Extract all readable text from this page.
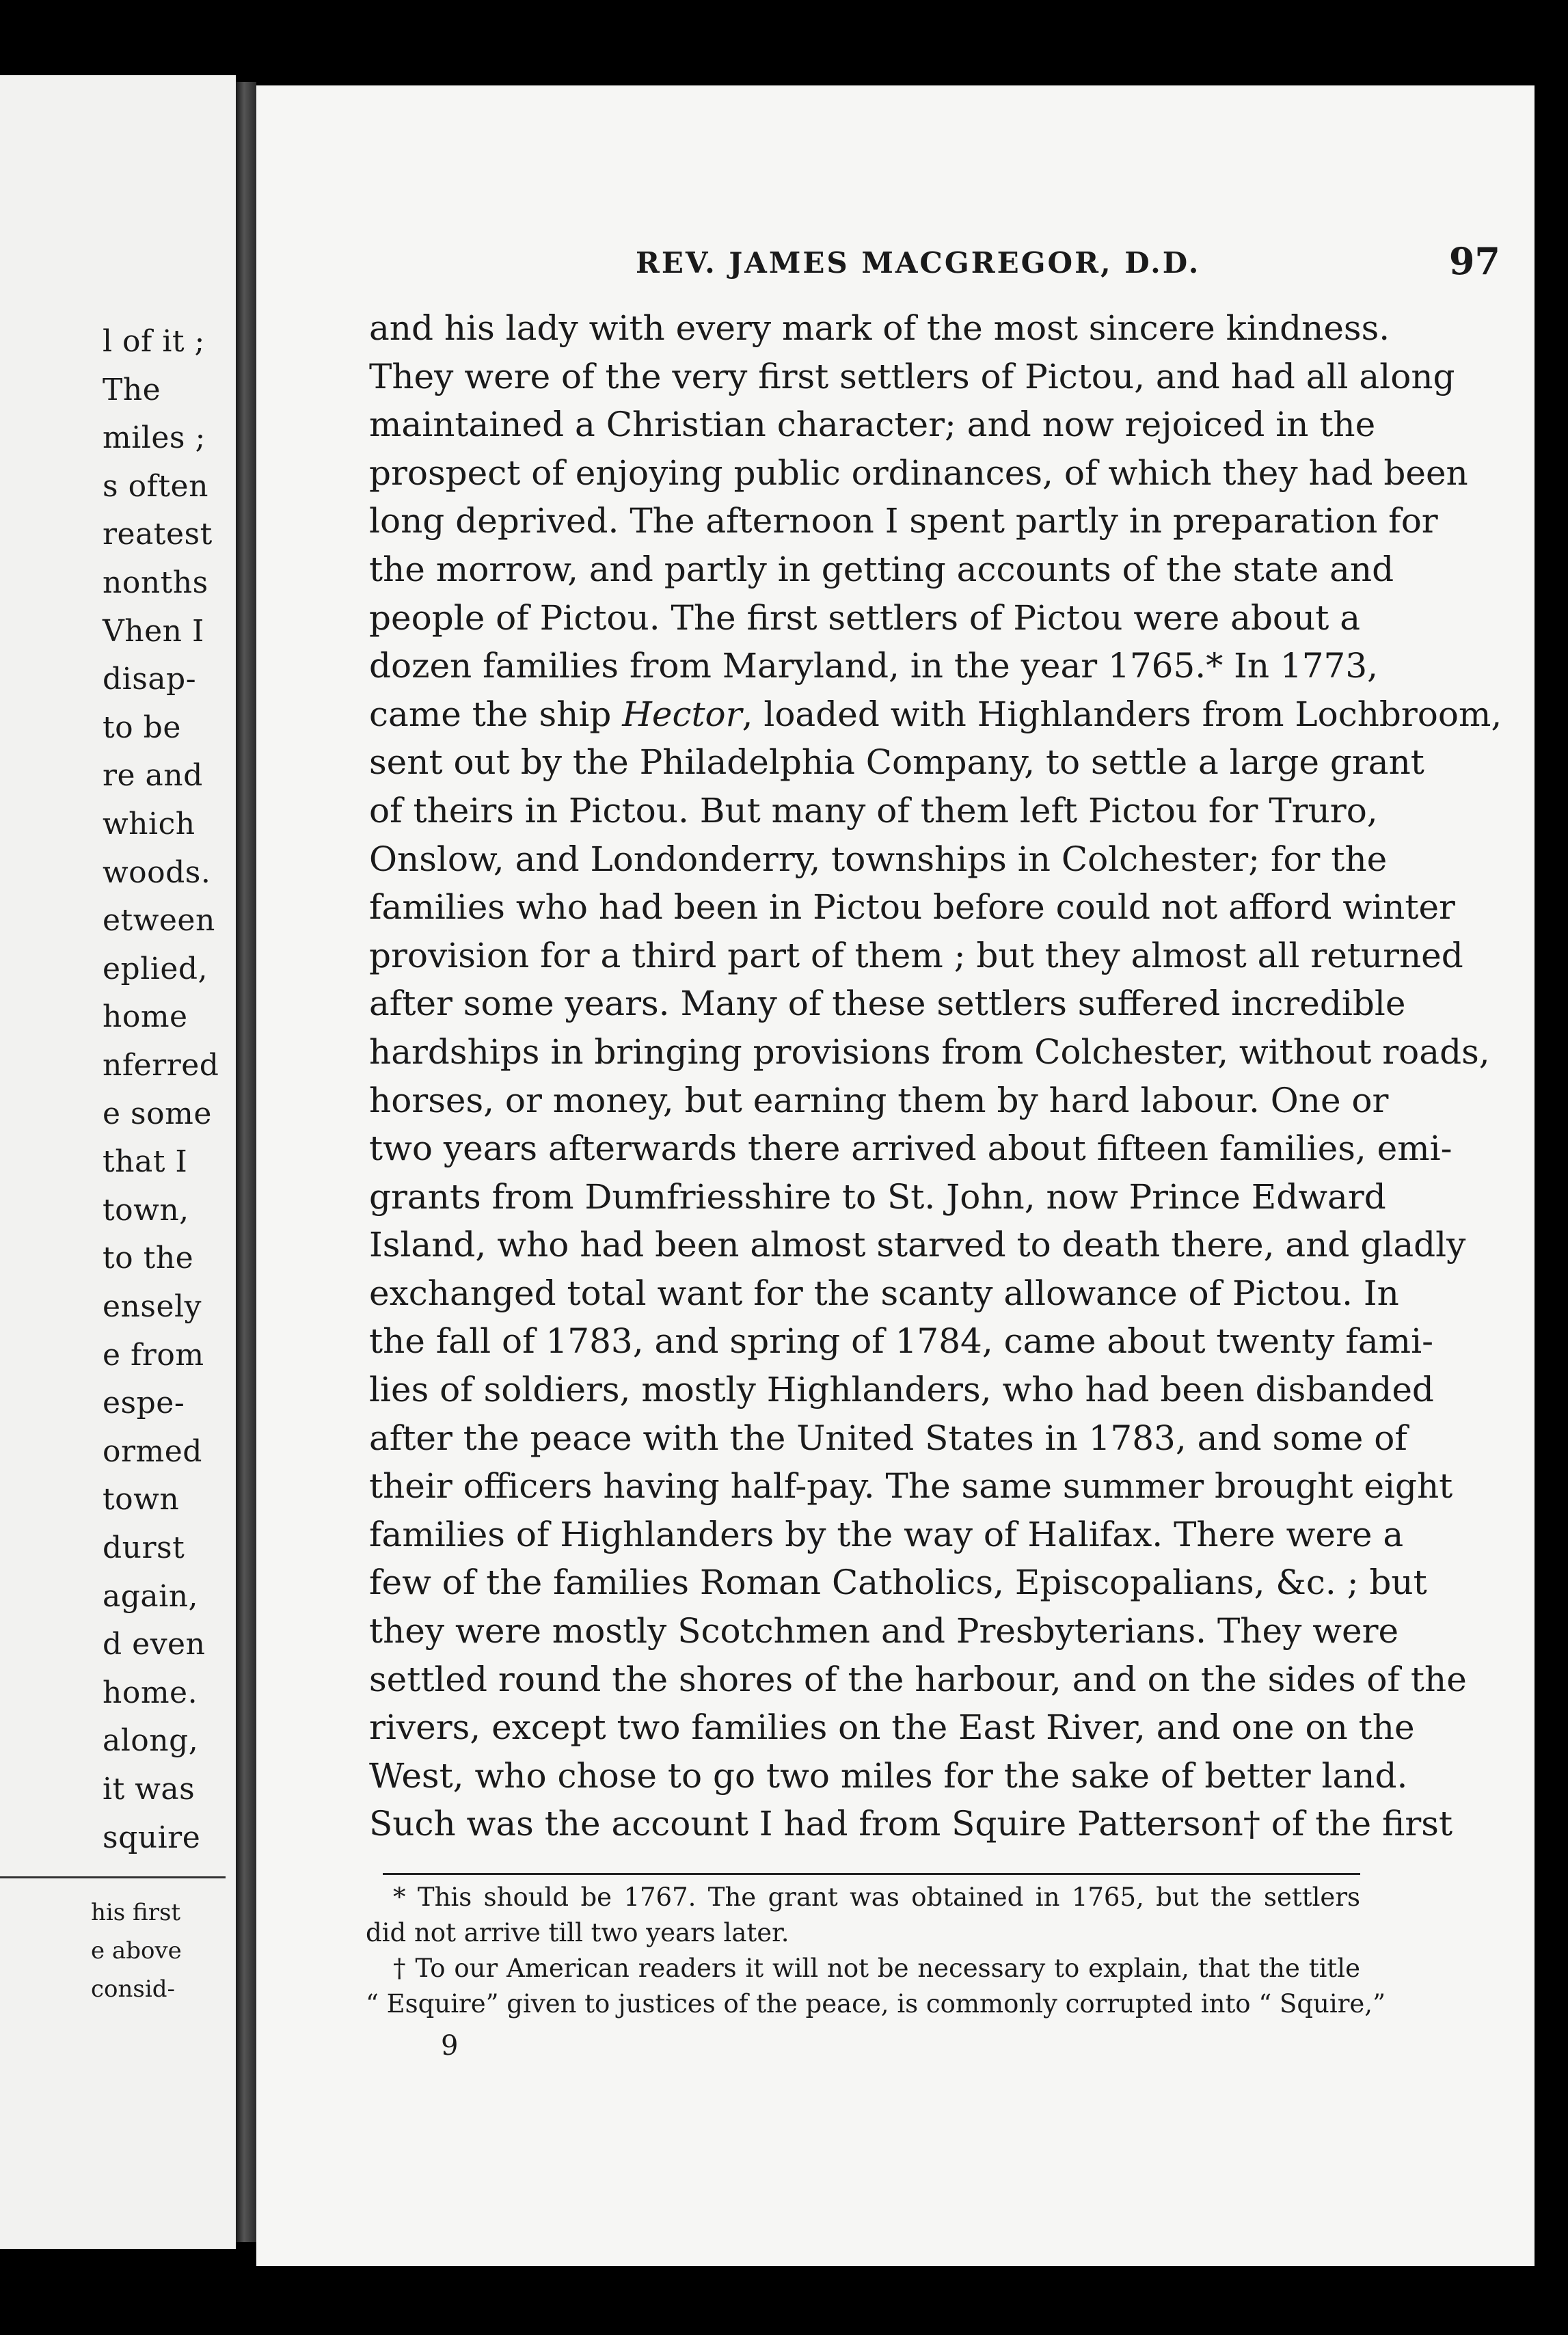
l of it ;
The
miles ;
s often
reatest
nonths
Vhen I
disap-
to be
re and
which
woods.
etween
eplied,
home
nferred
e some
that I
town,
to the
ensely
e from
espe-
ormed
town
durst
again,
d even
home.
along,
it was
squire
his first
e above
consid-
REV. JAMES MACGREGOR, D.D.	97
and his lady with every mark of the most sincere kindness.
They were of the very first settlers of Pictou, and had all along
maintained a Christian character; and now rejoiced in the
prospect of enjoying public ordinances, of which they had been
long deprived. The afternoon I spent partly in preparation for
the morrow, and partly in getting accounts of the state and
people of Pictou. The first settlers of Pictou were about a
dozen families from Maryland, in the year 1765.* In 1773,
came the ship Hector, loaded with Highlanders from Lochbroom,
sent out by the Philadelphia Company, to settle a large grant
of theirs in Pictou. But many of them left Pictou for Truro,
Onslow, and Londonderry, townships in Colchester; for the
families who had been in Pictou before could not afford winter
provision for a third part of them ; but they almost all returned
after some years. Many of these settlers suffered incredible
hardships in bringing provisions from Colchester, without roads,
horses, or money, but earning them by hard labour. One or
two years afterwards there arrived about fifteen families, emi-
grants from Dumfriesshire to St. John, now Prince Edward
Island, who had been almost starved to death there, and gladly
exchanged total want for the scanty allowance of Pictou. In
the fall of 1783, and spring of 1784, came about twenty fami-
lies of soldiers, mostly Highlanders, who had been disbanded
after the peace with the United States in 1783, and some of
their officers having half-pay. The same summer brought eight
families of Highlanders by the way of Halifax. There were a
few of the families Roman Catholics, Episcopalians, &c. ; but
they were mostly Scotchmen and Presbyterians. They were
settled round the shores of the harbour, and on the sides of the
rivers, except two families on the East River, and one on the
West, who chose to go two miles for the sake of better land.
Such was the account I had from Squire Patterson† of the first
* This should be 1767. The grant was obtained in 1765, but the settlers
did not arrive till two years later.
† To our American readers it will not be necessary to explain, that the title
“ Esquire” given to justices of the peace, is commonly corrupted into “ Squire,”
9
